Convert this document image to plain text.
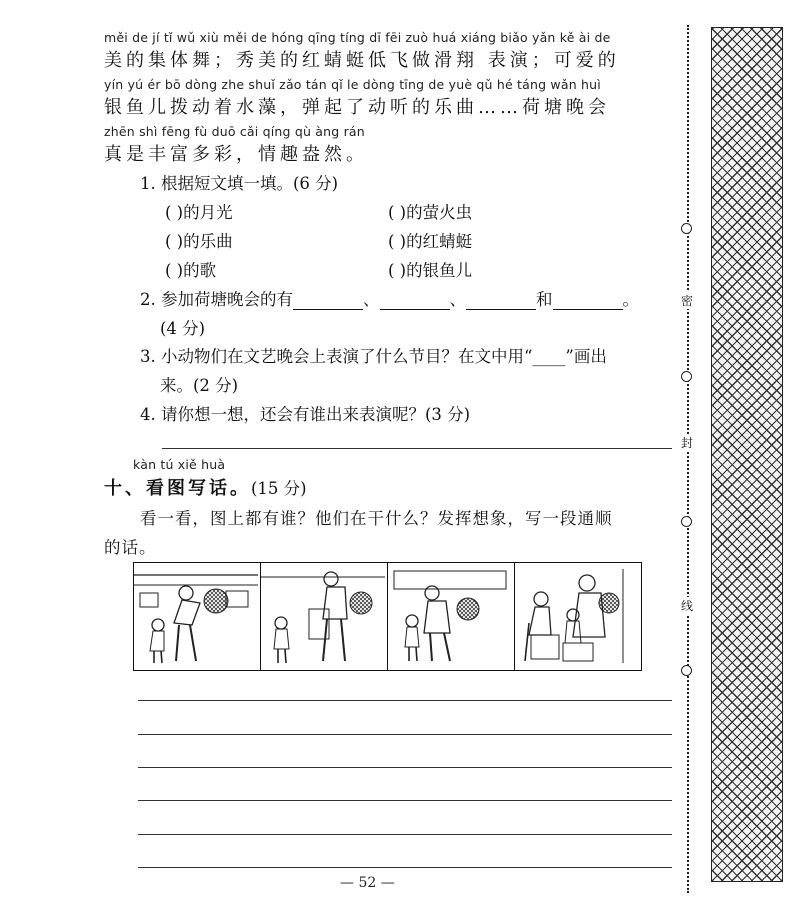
měi de jí tǐ wǔ xiù měi de hóng qīng tíng dī fēi zuò huá xiáng biǎo yǎn kě ài de
美的集体舞；秀美的红蜻蜓低飞做滑翔 表演；可爱的
yín yú ér bō dòng zhe shuǐ zǎo tán qǐ le dòng tīng de yuè qǔ hé táng wǎn huì
银鱼儿拨动着水藻，弹起了动听的乐曲……荷塘晚会
zhēn shì fēng fù duō cǎi qíng qù àng rán
真是丰富多彩，情趣盎然。
1. 根据短文填一填。(6 分)
( )的月光	( )的萤火虫
( )的乐曲	( )的红蜻蜓
( )的歌	( )的银鱼儿
2. 参加荷塘晚会的有	、	、	和	。
(4 分)
3. 小动物们在文艺晚会上表演了什么节目？在文中用“____”画出
来。(2 分)
4. 请你想一想，还会有谁出来表演呢？(3 分)
kàn tú xiě huà
十、看图写话。(15 分)
看一看，图上都有谁？他们在干什么？发挥想象，写一段通顺
的话。
密
封
线
— 52 —
